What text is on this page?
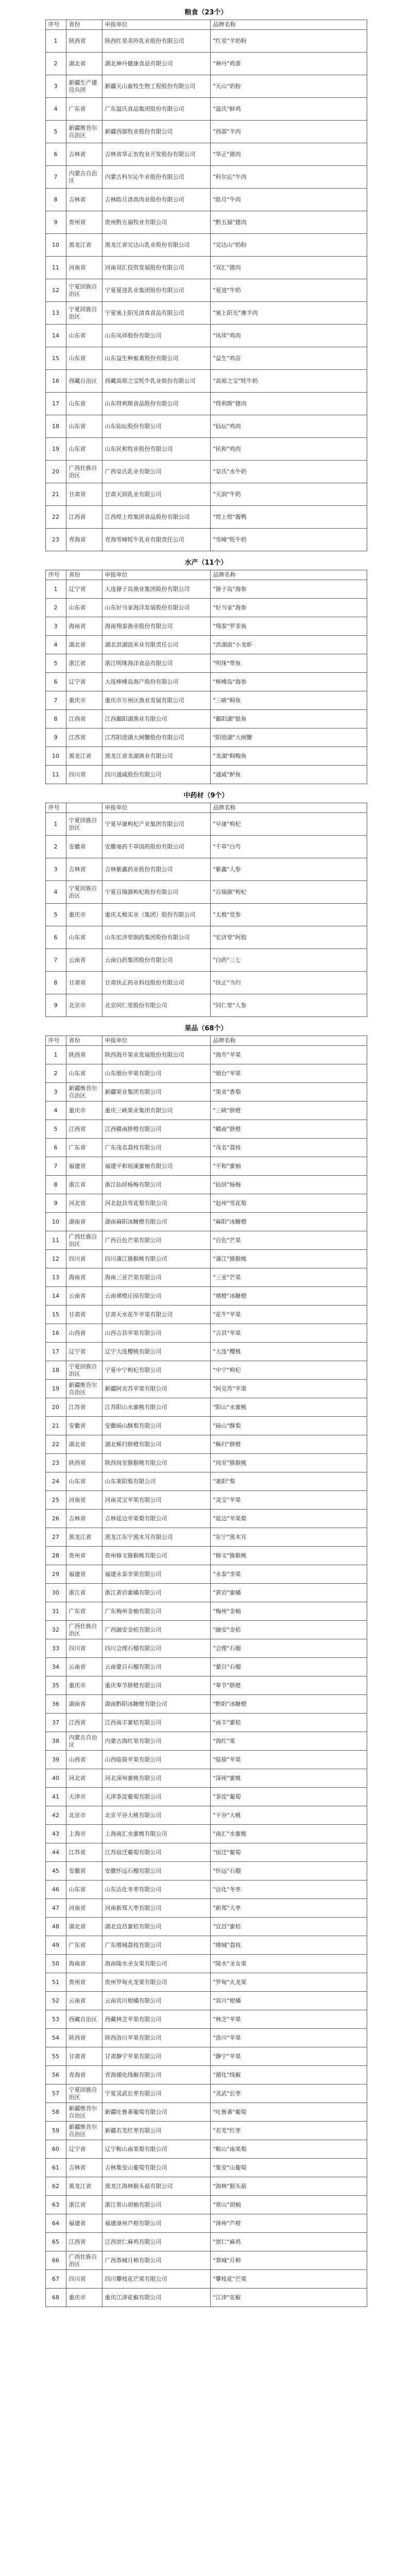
粮食（23个）
序号	省份	申报单位	品牌名称
1	陕西省	陕西红星美羚乳业股份有限公司	"红星"羊奶粉
2	湖北省	湖北神丹健康食品有限公司	"神丹"鸡蛋
3	新疆生产建设兵团	新疆天山畜牧生物工程股份有限公司	"天山"奶粉
4	广东省	广东温氏食品集团股份有限公司	"温氏"鲜鸡
5	新疆维吾尔自治区	新疆西部牧业股份有限公司	"西部"羊肉
6	吉林省	吉林省华正农牧业开发股份有限公司	"华正"猪肉
7	内蒙古自治区	内蒙古科尔沁牛业股份有限公司	"科尔沁"牛肉
8	吉林省	吉林皓月清真肉业股份有限公司	"皓月"牛肉
9	贵州省	贵州黔五福牧业有限公司	"黔五福"猪肉
10	黑龙江省	黑龙江省完达山乳业股份有限公司	"完达山"奶粉
11	河南省	河南双汇投资发展股份有限公司	"双汇"猪肉
12	宁夏回族自治区	宁夏夏进乳业集团股份有限公司	"夏进"牛奶
13	宁夏回族自治区	宁夏塞上阳光清真食品有限公司	"塞上阳光"滩羊肉
14	山东省	山东凤祥股份有限公司	"凤祥"鸡肉
15	山东省	山东益生种畜禽股份有限公司	"益生"鸡苗
16	西藏自治区	西藏高原之宝牦牛乳业股份有限公司	"高原之宝"牦牛奶
17	山东省	山东得利斯食品股份有限公司	"得利斯"猪肉
18	山东省	山东仙坛股份有限公司	"仙坛"鸡肉
19	山东省	山东民和牧业股份有限公司	"民和"鸡肉
20	广西壮族自治区	广西皇氏乳业有限公司	"皇氏"水牛奶
21	甘肃省	甘肃天润乳业有限公司	"天润"牛奶
22	江西省	江西煌上煌集团食品股份有限公司	"煌上煌"酱鸭
23	青海省	青海雪峰牦牛乳业有限责任公司	"雪峰"牦牛奶
水产（11个）
序号	省份	申报单位	品牌名称
1	辽宁省	大连獐子岛渔业集团股份有限公司	"獐子岛"海参
2	山东省	山东好当家海洋发展股份有限公司	"好当家"海参
3	海南省	海南翔泰渔业股份有限公司	"翔泰"罗非鱼
4	湖北省	湖北洪湖浪米业有限责任公司	"洪湖浪"小龙虾
5	浙江省	浙江明珠海洋食品有限公司	"明珠"带鱼
6	辽宁省	大连棒棰岛海产股份有限公司	"棒棰岛"海参
7	重庆市	重庆市万州区渔业发展有限公司	"三峡"鲟鱼
8	江西省	江西鄱阳湖渔业有限公司	"鄱阳湖"银鱼
9	江苏省	江苏阳澄湖大闸蟹股份有限公司	"阳澄湖"大闸蟹
10	黑龙江省	黑龙江省龙湖渔业有限公司	"龙湖"鲟鳇鱼
11	四川省	四川通威股份有限公司	"通威"鲈鱼
中药材（9个）
序号		申报单位	品牌名称
1	宁夏回族自治区	宁夏早康枸杞产业集团有限公司	"早康"枸杞
2	安徽省	安徽亳药千草国药股份有限公司	"千草"白芍
3	吉林省	吉林紫鑫药业股份有限公司	"紫鑫"人参
4	宁夏回族自治区	宁夏百瑞源枸杞股份有限公司	"百瑞源"枸杞
5	重庆市	重庆太极实业（集团）股份有限公司	"太极"党参
6	山东省	山东宏济堂制药集团股份有限公司	"宏济堂"阿胶
7	云南省	云南白药集团股份有限公司	"白药"三七
8	甘肃省	甘肃扶正药业科技股份有限公司	"扶正"当归
9	北京市	北京同仁堂股份有限公司	"同仁堂"人参
果品（68个）
序号	省份	申报单位	品牌名称
1	陕西省	陕西海升果业发展股份有限公司	"海升"苹果
2	山东省	山东烟台苹果有限公司	"烟台"苹果
3	新疆维吾尔自治区	新疆果业集团有限公司	"果业"香梨
4	重庆市	重庆三峡果业集团有限公司	"三峡"脐橙
5	江西省	江西赣南脐橙有限公司	"赣南"脐橙
6	广东省	广东茂名荔枝有限公司	"茂名"荔枝
7	福建省	福建平和琯溪蜜柚有限公司	"平和"蜜柚
8	浙江省	浙江仙居杨梅有限公司	"仙居"杨梅
9	河北省	河北赵县雪花梨有限公司	"赵州"雪花梨
10	湖南省	湖南麻阳冰糖橙有限公司	"麻阳"冰糖橙
11	广西壮族自治区	广西百色芒果有限公司	"百色"芒果
12	四川省	四川蒲江猕猴桃有限公司	"蒲江"猕猴桃
13	海南省	海南三亚芒果有限公司	"三亚"芒果
14	云南省	云南褚橙庄园有限公司	"褚橙"冰糖橙
15	甘肃省	甘肃天水花牛苹果有限公司	"花牛"苹果
16	山西省	山西吉县苹果有限公司	"吉县"苹果
17	辽宁省	辽宁大连樱桃有限公司	"大连"樱桃
18	宁夏回族自治区	宁夏中宁枸杞有限公司	"中宁"枸杞
19	新疆维吾尔自治区	新疆阿克苏苹果有限公司	"阿克苏"苹果
20	江苏省	江苏阳山水蜜桃有限公司	"阳山"水蜜桃
21	安徽省	安徽砀山酥梨有限公司	"砀山"酥梨
22	湖北省	湖北秭归脐橙有限公司	"秭归"脐橙
23	陕西省	陕西周至猕猴桃有限公司	"周至"猕猴桃
24	山东省	山东莱阳梨有限公司	"莱阳"梨
25	河南省	河南灵宝苹果有限公司	"灵宝"苹果
26	吉林省	吉林延边苹果梨有限公司	"延边"苹果梨
27	黑龙江省	黑龙江东宁黑木耳有限公司	"东宁"黑木耳
28	贵州省	贵州修文猕猴桃有限公司	"修文"猕猴桃
29	福建省	福建永泰李果有限公司	"永泰"李果
30	浙江省	浙江黄岩蜜橘有限公司	"黄岩"蜜橘
31	广东省	广东梅州金柚有限公司	"梅州"金柚
32	广西壮族自治区	广西融安金桔有限公司	"融安"金桔
33	四川省	四川会理石榴有限公司	"会理"石榴
34	云南省	云南蒙自石榴有限公司	"蒙自"石榴
35	重庆市	重庆奉节脐橙有限公司	"奉节"脐橙
36	湖南省	湖南黔阳冰糖橙有限公司	"黔阳"冰糖橙
37	江西省	江西南丰蜜桔有限公司	"南丰"蜜桔
38	内蒙古自治区	内蒙古海红果有限公司	"海红"果
39	山西省	山西临猗苹果有限公司	"临猗"苹果
40	河北省	河北深州蜜桃有限公司	"深州"蜜桃
41	天津市	天津茶淀葡萄有限公司	"茶淀"葡萄
42	北京市	北京平谷大桃有限公司	"平谷"大桃
43	上海市	上海南汇水蜜桃有限公司	"南汇"水蜜桃
44	江苏省	江苏宿迁葡萄有限公司	"宿迁"葡萄
45	安徽省	安徽怀远石榴有限公司	"怀远"石榴
46	山东省	山东沾化冬枣有限公司	"沾化"冬枣
47	河南省	河南新郑大枣有限公司	"新郑"大枣
48	湖北省	湖北宜昌蜜桔有限公司	"宜昌"蜜桔
49	广东省	广东增城荔枝有限公司	"增城"荔枝
50	海南省	海南陵水圣女果有限公司	"陵水"圣女果
51	贵州省	贵州罗甸火龙果有限公司	"罗甸"火龙果
52	云南省	云南宾川柑橘有限公司	"宾川"柑橘
53	西藏自治区	西藏林芝苹果有限公司	"林芝"苹果
54	陕西省	陕西洛川苹果有限公司	"洛川"苹果
55	甘肃省	甘肃静宁苹果有限公司	"静宁"苹果
56	青海省	青海循化线椒有限公司	"循化"线椒
57	宁夏回族自治区	宁夏灵武长枣有限公司	"灵武"长枣
58	新疆维吾尔自治区	新疆吐鲁番葡萄有限公司	"吐鲁番"葡萄
59	新疆维吾尔自治区	新疆若羌红枣有限公司	"若羌"红枣
60	辽宁省	辽宁鞍山南果梨有限公司	"鞍山"南果梨
61	吉林省	吉林集安山葡萄有限公司	"集安"山葡萄
62	黑龙江省	黑龙江海林猴头菇有限公司	"海林"猴头菇
63	浙江省	浙江常山胡柚有限公司	"常山"胡柚
64	福建省	福建漳州芦柑有限公司	"漳州"芦柑
65	江西省	江西崇仁麻鸡有限公司	"崇仁"麻鸡
66	广西壮族自治区	广西恭城月柿有限公司	"恭城"月柿
67	四川省	四川攀枝花芒果有限公司	"攀枝花"芒果
68	重庆市	重庆江津花椒有限公司	"江津"花椒
